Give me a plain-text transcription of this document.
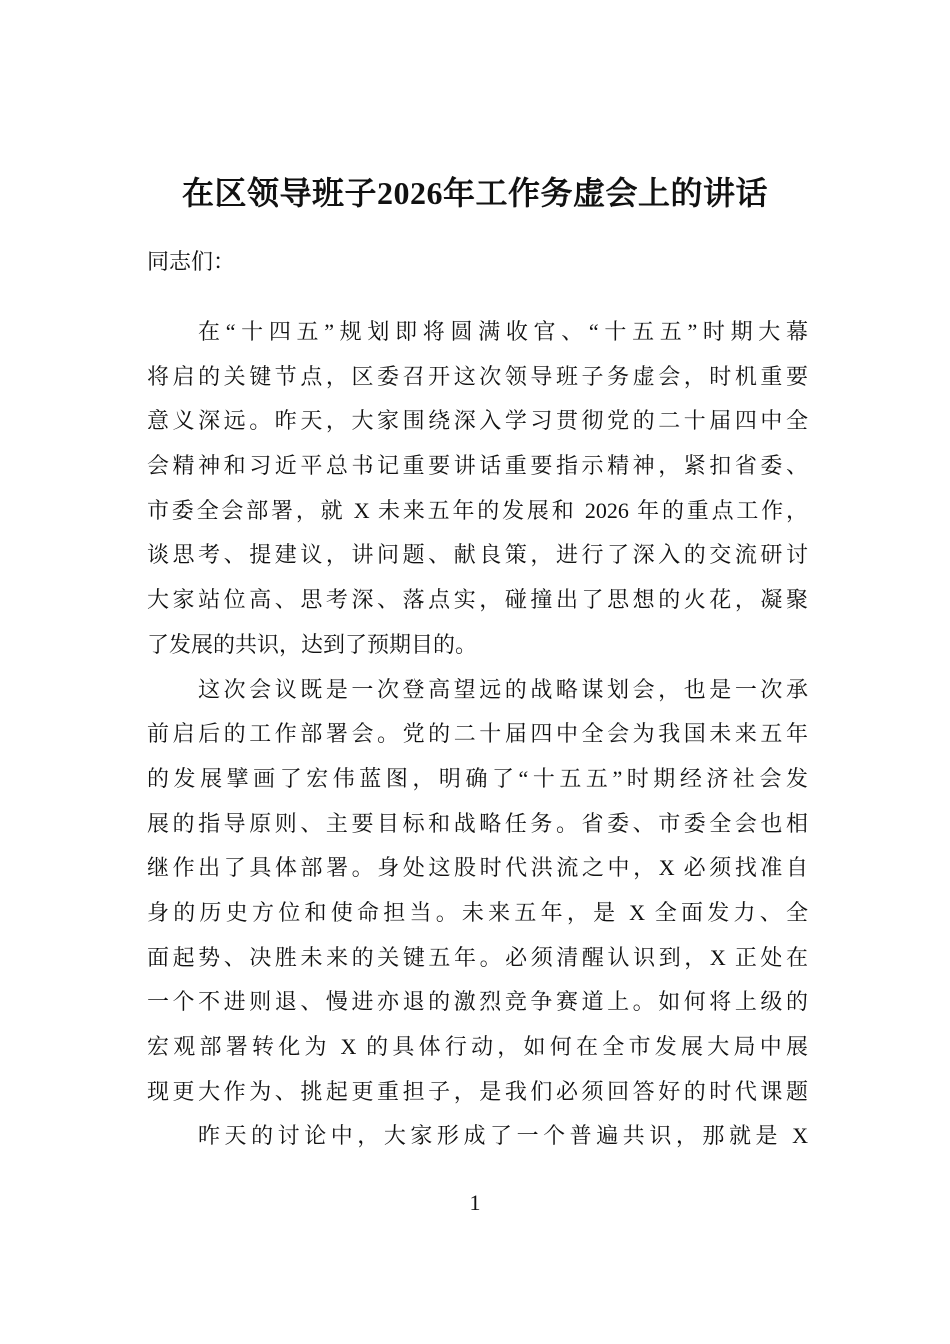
在区领导班子2026年工作务虚会上的讲话
同志们：
在“十四五”规划即将圆满收官、“十五五”时期大幕
将启的关键节点，区委召开这次领导班子务虚会，时机重要
意义深远。昨天，大家围绕深入学习贯彻党的二十届四中全
会精神和习近平总书记重要讲话重要指示精神，紧扣省委、
市委全会部署，就 X 未来五年的发展和 2026 年的重点工作，
谈思考、提建议，讲问题、献良策，进行了深入的交流研讨
大家站位高、思考深、落点实，碰撞出了思想的火花，凝聚
了发展的共识，达到了预期目的。
这次会议既是一次登高望远的战略谋划会，也是一次承
前启后的工作部署会。党的二十届四中全会为我国未来五年
的发展擘画了宏伟蓝图，明确了“十五五”时期经济社会发
展的指导原则、主要目标和战略任务。省委、市委全会也相
继作出了具体部署。身处这股时代洪流之中，X 必须找准自
身的历史方位和使命担当。未来五年，是 X 全面发力、全
面起势、决胜未来的关键五年。必须清醒认识到，X 正处在
一个不进则退、慢进亦退的激烈竞争赛道上。如何将上级的
宏观部署转化为 X 的具体行动，如何在全市发展大局中展
现更大作为、挑起更重担子，是我们必须回答好的时代课题
昨天的讨论中，大家形成了一个普遍共识，那就是 X
1
